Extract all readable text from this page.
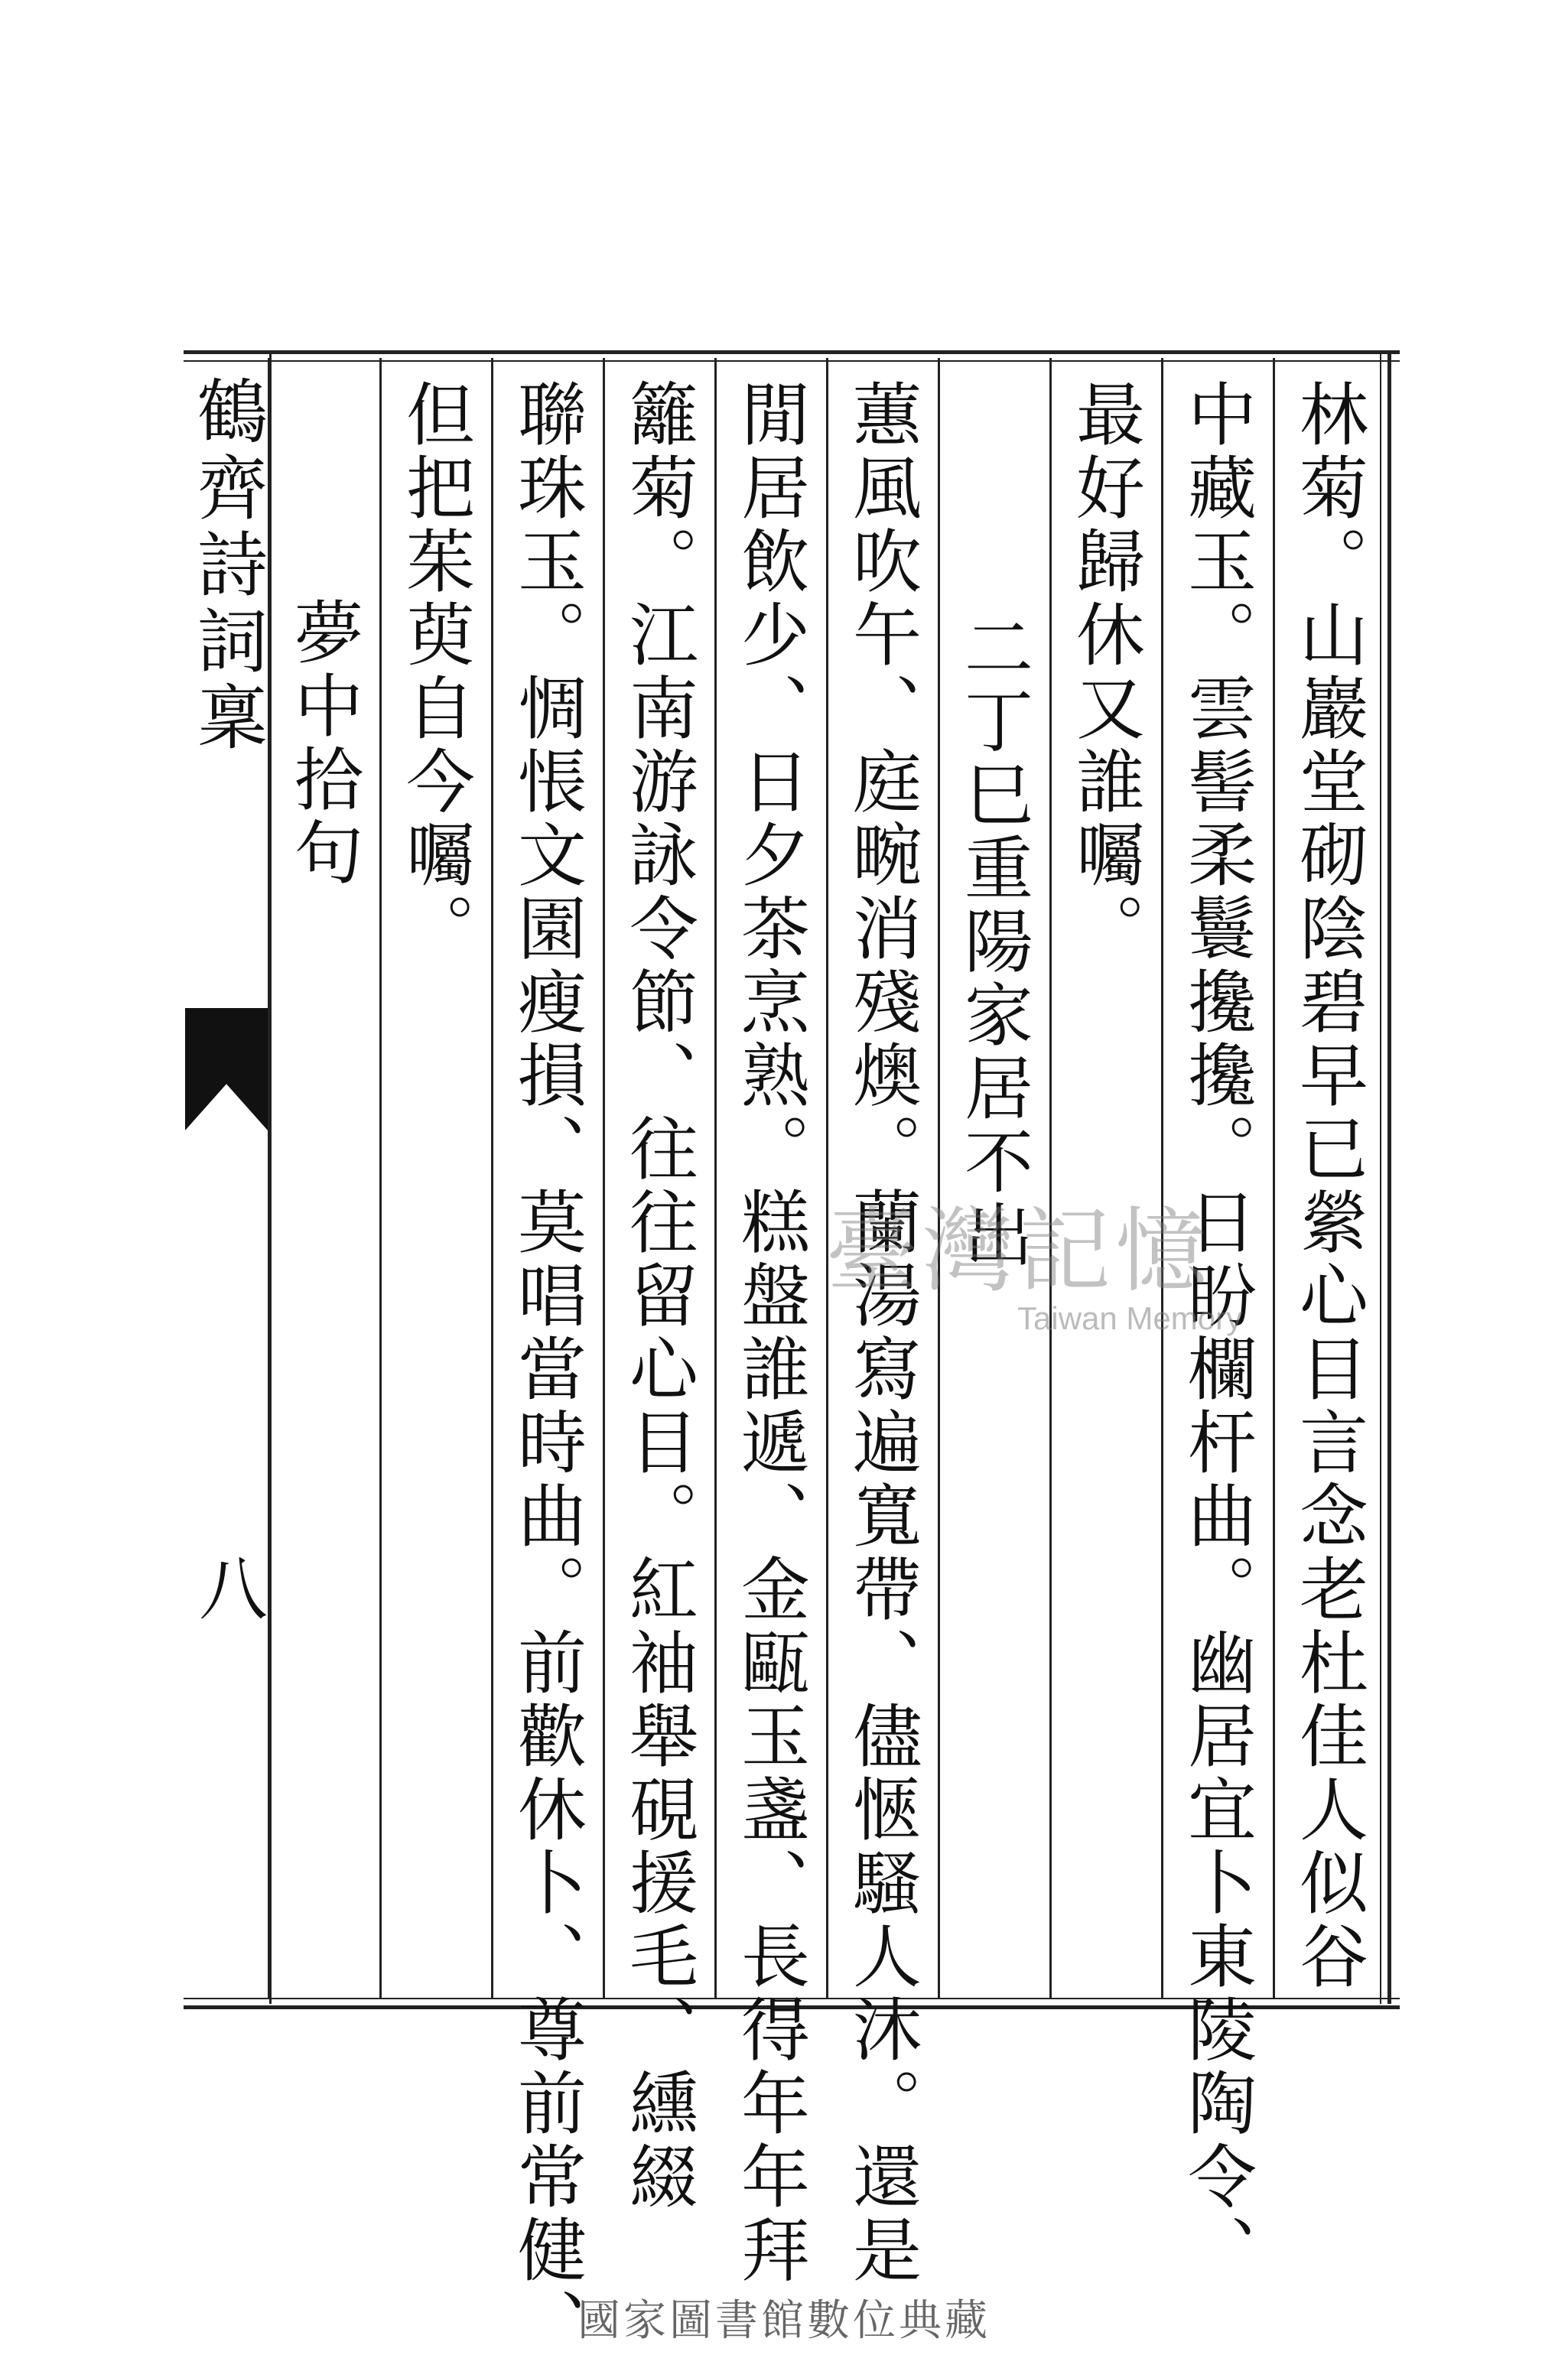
鶴齊詩詞稟
八	林菊。山巖堂砌陰碧早已縈心目言念老杜佳人似谷
中藏玉。雲髻柔鬟攙攙。日盼欄杆曲。幽居宜卜東陵陶令、
最好歸休又誰囑。
二丁巳重陽家居不出
蕙風吹午、庭畹消殘燠。蘭湯寫遍寬帶、儘愜騷人沐。還是
閒居飲少、日夕茶烹熟。糕盤誰遞、金甌玉盞、長得年年拜
籬菊。江南游詠令節、往往留心目。紅袖舉硯援毛、纁綴
聯珠玉。惆悵文園瘦損、莫唱當時曲。前歡休卜、尊前常健、
但把茱萸自今囑。
夢中拾句
臺灣記憶
Taiwan Memory
國家圖書館數位典藏
